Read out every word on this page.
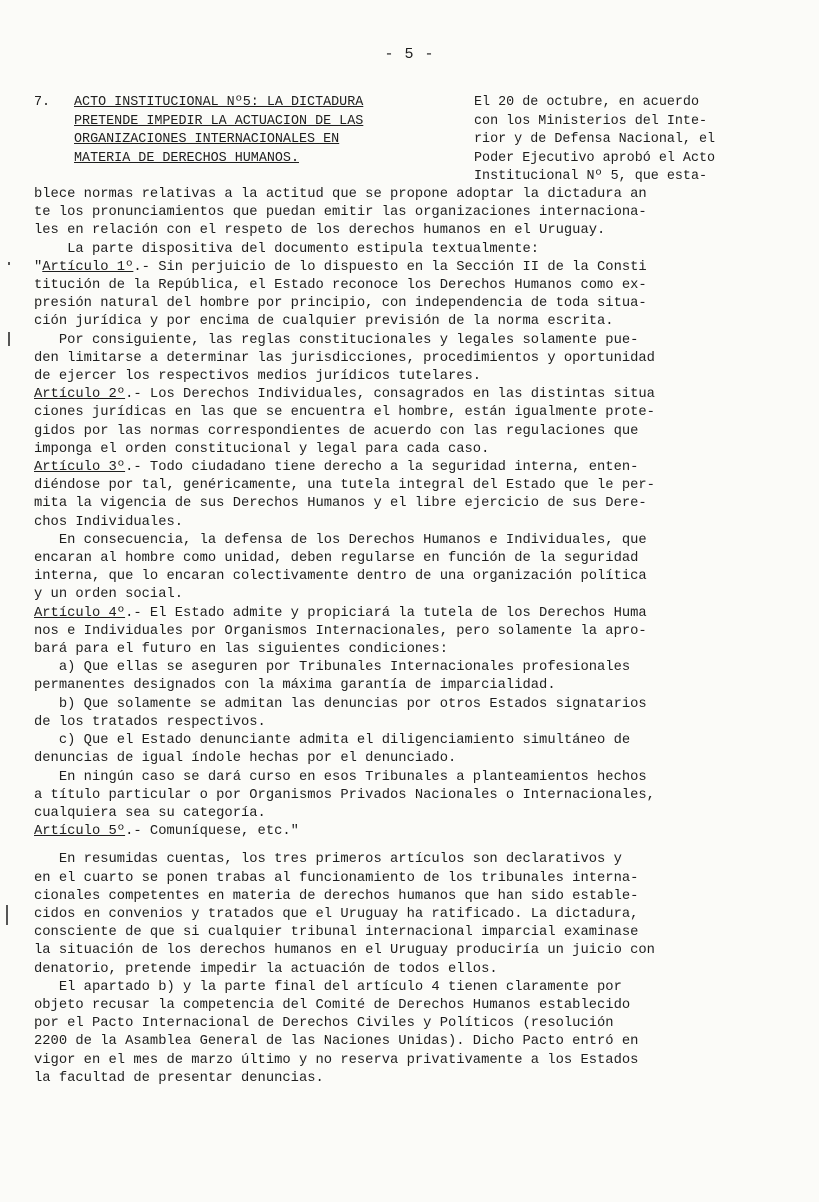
- 5 -
7. ACTO INSTITUCIONAL Nº5: LA DICTADURA
PRETENDE IMPEDIR LA ACTUACION DE LAS
ORGANIZACIONES INTERNACIONALES EN
MATERIA DE DERECHOS HUMANOS.
El 20 de octubre, en acuerdo
con los Ministerios del Inte-
rior y de Defensa Nacional, el
Poder Ejecutivo aprobó el Acto
Institucional Nº 5, que esta-
blece normas relativas a la actitud que se propone adoptar la dictadura an
te los pronunciamientos que puedan emitir las organizaciones internaciona-
les en relación con el respeto de los derechos humanos en el Uruguay.
La parte dispositiva del documento estipula textualmente:
"Artículo 1º.- Sin perjuicio de lo dispuesto en la Sección II de la Consti
titución de la República, el Estado reconoce los Derechos Humanos como ex-
presión natural del hombre por principio, con independencia de toda situa-
ción jurídica y por encima de cualquier previsión de la norma escrita.
Por consiguiente, las reglas constitucionales y legales solamente pue-
den limitarse a determinar las jurisdicciones, procedimientos y oportunidad
de ejercer los respectivos medios jurídicos tutelares.
Artículo 2º.- Los Derechos Individuales, consagrados en las distintas situa
ciones jurídicas en las que se encuentra el hombre, están igualmente prote-
gidos por las normas correspondientes de acuerdo con las regulaciones que
imponga el orden constitucional y legal para cada caso.
Artículo 3º.- Todo ciudadano tiene derecho a la seguridad interna, enten-
diéndose por tal, genéricamente, una tutela integral del Estado que le per-
mita la vigencia de sus Derechos Humanos y el libre ejercicio de sus Dere-
chos Individuales.
En consecuencia, la defensa de los Derechos Humanos e Individuales, que
encaran al hombre como unidad, deben regularse en función de la seguridad
interna, que lo encaran colectivamente dentro de una organización política
y un orden social.
Artículo 4º.- El Estado admite y propiciará la tutela de los Derechos Huma
nos e Individuales por Organismos Internacionales, pero solamente la apro-
bará para el futuro en las siguientes condiciones:
a) Que ellas se aseguren por Tribunales Internacionales profesionales
permanentes designados con la máxima garantía de imparcialidad.
b) Que solamente se admitan las denuncias por otros Estados signatarios
de los tratados respectivos.
c) Que el Estado denunciante admita el diligenciamiento simultáneo de
denuncias de igual índole hechas por el denunciado.
En ningún caso se dará curso en esos Tribunales a planteamientos hechos
a título particular o por Organismos Privados Nacionales o Internacionales,
cualquiera sea su categoría.
Artículo 5º.- Comuníquese, etc."
En resumidas cuentas, los tres primeros artículos son declarativos y
en el cuarto se ponen trabas al funcionamiento de los tribunales interna-
cionales competentes en materia de derechos humanos que han sido estable-
cidos en convenios y tratados que el Uruguay ha ratificado. La dictadura,
consciente de que si cualquier tribunal internacional imparcial examinase
la situación de los derechos humanos en el Uruguay produciría un juicio con
denatorio, pretende impedir la actuación de todos ellos.
El apartado b) y la parte final del artículo 4 tienen claramente por
objeto recusar la competencia del Comité de Derechos Humanos establecido
por el Pacto Internacional de Derechos Civiles y Políticos (resolución
2200 de la Asamblea General de las Naciones Unidas). Dicho Pacto entró en
vigor en el mes de marzo último y no reserva privativamente a los Estados
la facultad de presentar denuncias.
